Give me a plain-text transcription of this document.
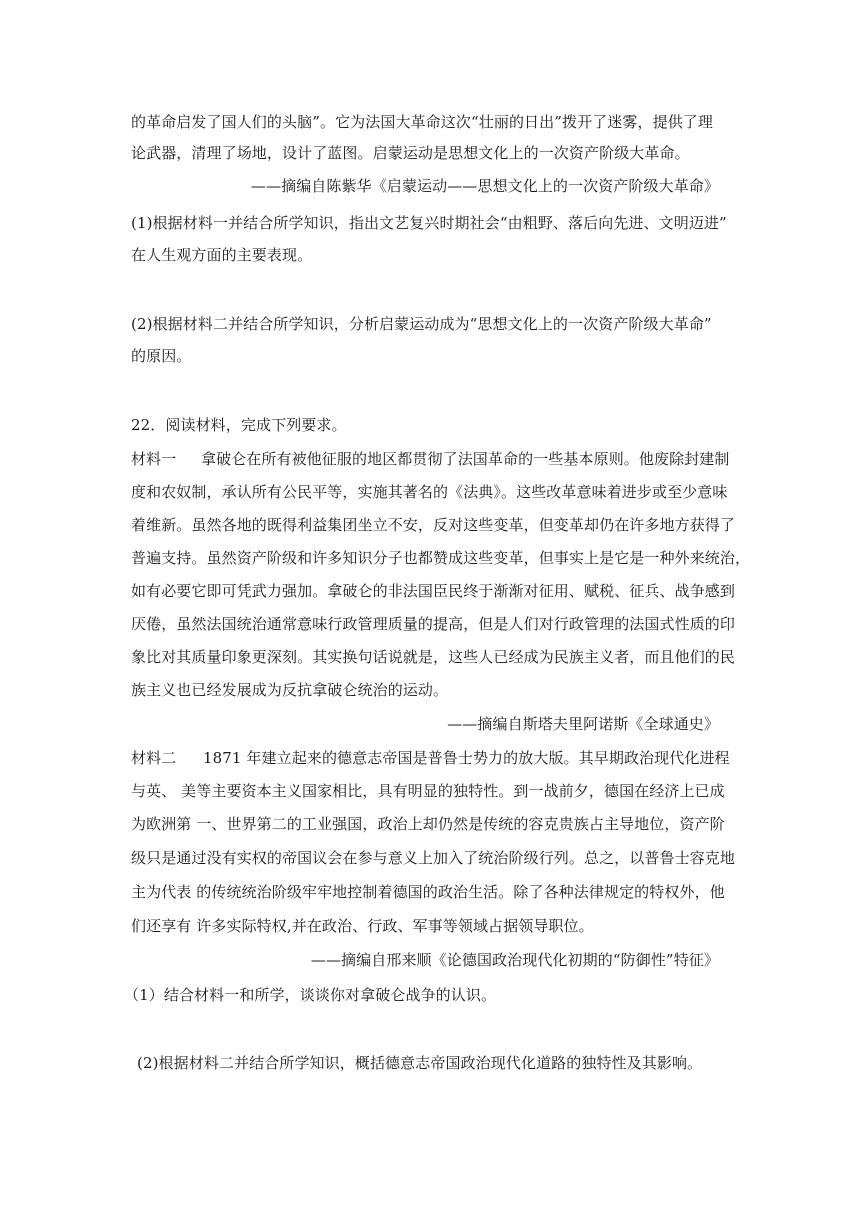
的革命启发了国人们的头脑”。它为法国大革命这次“壮丽的日出”拨开了迷雾，提供了理
论武器，清理了场地，设计了蓝图。启蒙运动是思想文化上的一次资产阶级大革命。
——摘编自陈紫华《启蒙运动——思想文化上的一次资产阶级大革命》
(1)根据材料一并结合所学知识，指出文艺复兴时期社会“由粗野、落后向先进、文明迈进”
在人生观方面的主要表现。
(2)根据材料二并结合所学知识，分析启蒙运动成为“思想文化上的一次资产阶级大革命”
的原因。
22．阅读材料，完成下列要求。
材料一 拿破仑在所有被他征服的地区都贯彻了法国革命的一些基本原则。他废除封建制
度和农奴制，承认所有公民平等，实施其著名的《法典》。这些改革意味着进步或至少意味
着维新。虽然各地的既得利益集团坐立不安，反对这些变革，但变革却仍在许多地方获得了
普遍支持。虽然资产阶级和许多知识分子也都赞成这些变革，但事实上是它是一种外来统治，
如有必要它即可凭武力强加。拿破仑的非法国臣民终于渐渐对征用、赋税、征兵、战争感到
厌倦，虽然法国统治通常意味行政管理质量的提高，但是人们对行政管理的法国式性质的印
象比对其质量印象更深刻。其实换句话说就是，这些人已经成为民族主义者，而且他们的民
族主义也已经发展成为反抗拿破仑统治的运动。
——摘编自斯塔夫里阿诺斯《全球通史》
材料二 1871 年建立起来的德意志帝国是普鲁士势力的放大版。其早期政治现代化进程
与英、 美等主要资本主义国家相比，具有明显的独特性。到一战前夕，德国在经济上已成
为欧洲第 一、世界第二的工业强国，政治上却仍然是传统的容克贵族占主导地位，资产阶
级只是通过没有实权的帝国议会在参与意义上加入了统治阶级行列。总之，以普鲁士容克地
主为代表 的传统统治阶级牢牢地控制着德国的政治生活。除了各种法律规定的特权外，他
们还享有 许多实际特权,并在政治、行政、军事等领域占据领导职位。
——摘编自邢来顺《论德国政治现代化初期的“防御性”特征》
（1）结合材料一和所学，谈谈你对拿破仑战争的认识。
(2)根据材料二并结合所学知识，概括德意志帝国政治现代化道路的独特性及其影响。
